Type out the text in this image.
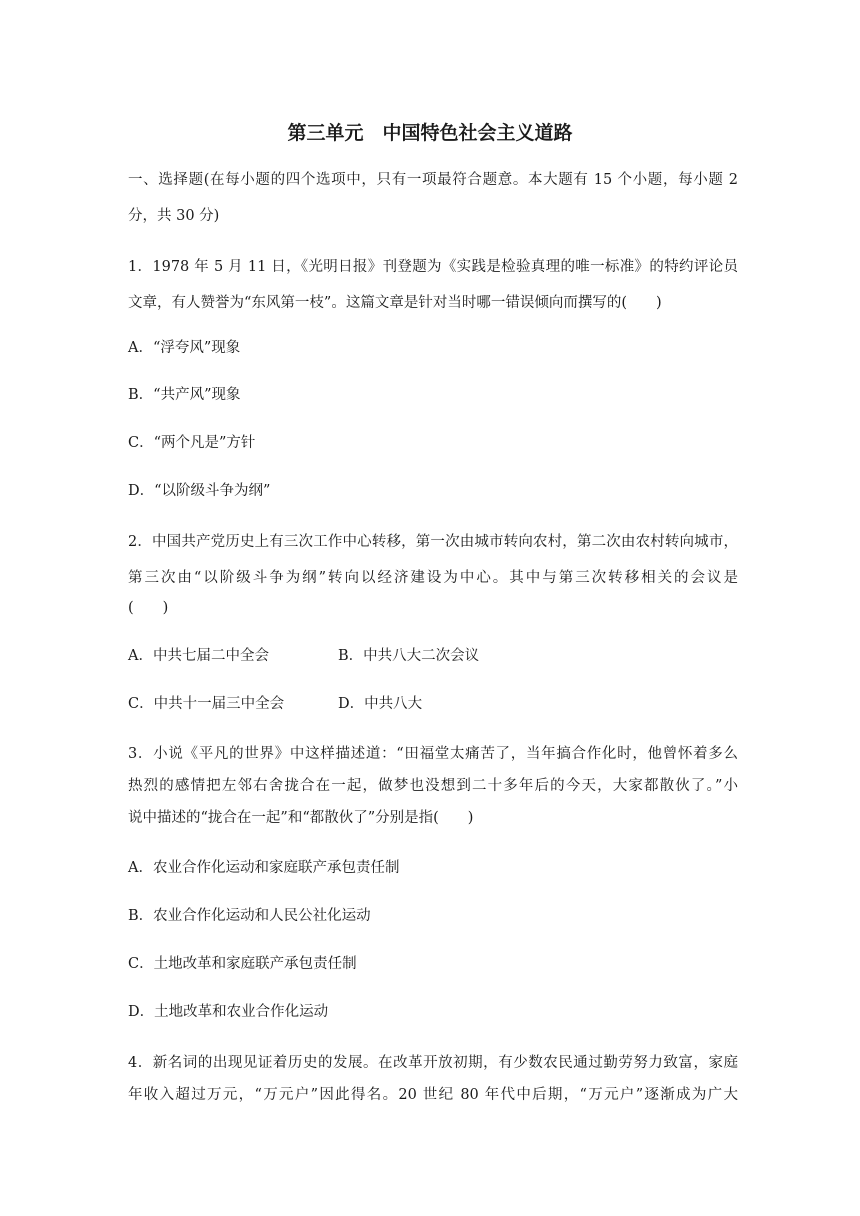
第三单元　中国特色社会主义道路
一、选择题(在每小题的四个选项中，只有一项最符合题意。本大题有 15 个小题，每小题 2
分，共 30 分)
1．1978 年 5 月 11 日，《光明日报》刊登题为《实践是检验真理的唯一标准》的特约评论员
文章，有人赞誉为“东风第一枝”。这篇文章是针对当时哪一错误倾向而撰写的(　　)
A．“浮夸风”现象
B．“共产风”现象
C．“两个凡是”方针
D．“以阶级斗争为纲”
2．中国共产党历史上有三次工作中心转移，第一次由城市转向农村，第二次由农村转向城市，
第三次由“以阶级斗争为纲”转向以经济建设为中心。其中与第三次转移相关的会议是
(　　)
A．中共七届二中全会	B．中共八大二次会议
C．中共十一届三中全会	D．中共八大
3．小说《平凡的世界》中这样描述道：“田福堂太痛苦了，当年搞合作化时，他曾怀着多么
热烈的感情把左邻右舍拢合在一起，做梦也没想到二十多年后的今天，大家都散伙了。”小
说中描述的“拢合在一起”和“都散伙了”分别是指(　　)
A．农业合作化运动和家庭联产承包责任制
B．农业合作化运动和人民公社化运动
C．土地改革和家庭联产承包责任制
D．土地改革和农业合作化运动
4．新名词的出现见证着历史的发展。在改革开放初期，有少数农民通过勤劳努力致富，家庭
年收入超过万元，“万元户”因此得名。20 世纪 80 年代中后期，“万元户”逐渐成为广大
